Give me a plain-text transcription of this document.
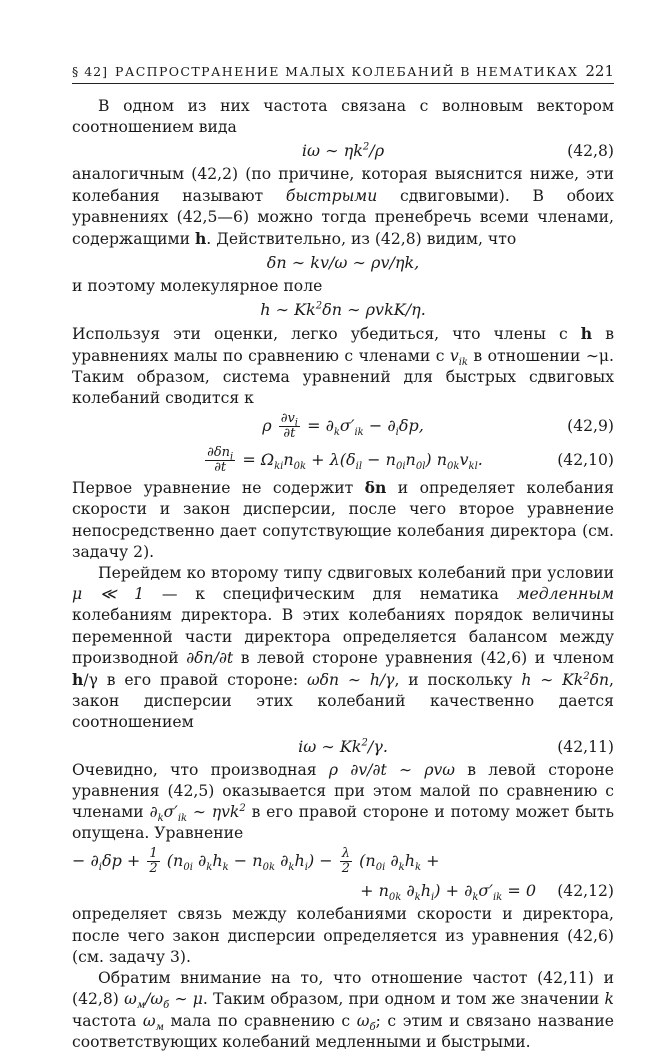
§ 42] РАСПРОСТРАНЕНИЕ МАЛЫХ КОЛЕБАНИЙ В НЕМАТИКАХ 221

В одном из них частота связана с волновым вектором соотношением вида

iω ∼ $\eta k^2/\rho$	(42,8)

аналогичным (42,2) (по причине, которая выяснится ниже, эти колебания называют быстрыми сдвиговыми). В обоих уравнениях (42,5—6) можно тогда пренебречь всеми членами, содержащими h. Действительно, из (42,8) видим, что

δn ∼ kv/ω ∼ ρv/ηk,

и поэтому молекулярное поле

h ∼ Kk$^2$δn ∼ ρvkK/η.

Используя эти оценки, легко убедиться, что члены с h в уравнениях малы по сравнению с членами с $v_{ik}$ в отношении ∼μ. Таким образом, система уравнений для быстрых сдвиговых колебаний сводится к

ρ $\frac{\partial v_i}{\partial t} = \partial_k\sigma'_{ik} - \partial_i\delta p$,	(42,9)
$\frac{\partial\delta n_i}{\partial t} = \Omega_{ki}n_{0k} + \lambda(\delta_{il} - n_{0i}n_{0l})$ $n_{0k}v_{kl}$.	(42,10)

Первое уравнение не содержит δn и определяет колебания скорости и закон дисперсии, после чего второе уравнение непосредственно дает сопутствующие колебания директора (см. задачу 2).

Перейдем ко второму типу сдвиговых колебаний при условии μ ≪ 1 — к специфическим для нематика медленным колебаниям директора. В этих колебаниях порядок величины переменной части директора определяется балансом между производной ∂δn/∂t в левой стороне уравнения (42,6) и членом h/γ в его правой стороне: ωδn ∼ h/γ, и поскольку h ∼ Kk$^2$δn, закон дисперсии этих колебаний качественно дается соотношением

iω ∼ Kk$^2$/γ.	(42,11)

Очевидно, что производная ρ ∂v/∂t ∼ ρvω в левой стороне уравнения (42,5) оказывается при этом малой по сравнению с членами $\partial_k\sigma'_{ik}$ ∼ ηvk$^2$ в его правой стороне и потому может быть опущена. Уравнение

− $\partial_i\delta p + \frac{1}{2} (n_{0i}$ $\partial_kh_k - n_{0k}$ $\partial_kh_i) - \frac{\lambda}{2} (n_{0i}$ $\partial_kh_k$ +
+ $n_{0k}$ $\partial_kh_i) + \partial_k\sigma'_{ik} = 0$ (42,12)

определяет связь между колебаниями скорости и директора, после чего закон дисперсии определяется из уравнения (42,6) (см. задачу 3).

Обратим внимание на то, что отношение частот (42,11) и (42,8) $\omega_м/\omega_б$ ∼ μ. Таким образом, при одном и том же значении k частота $\omega_м$ мала по сравнению с $\omega_б$; с этим и связано название соответствующих колебаний медленными и быстрыми.
